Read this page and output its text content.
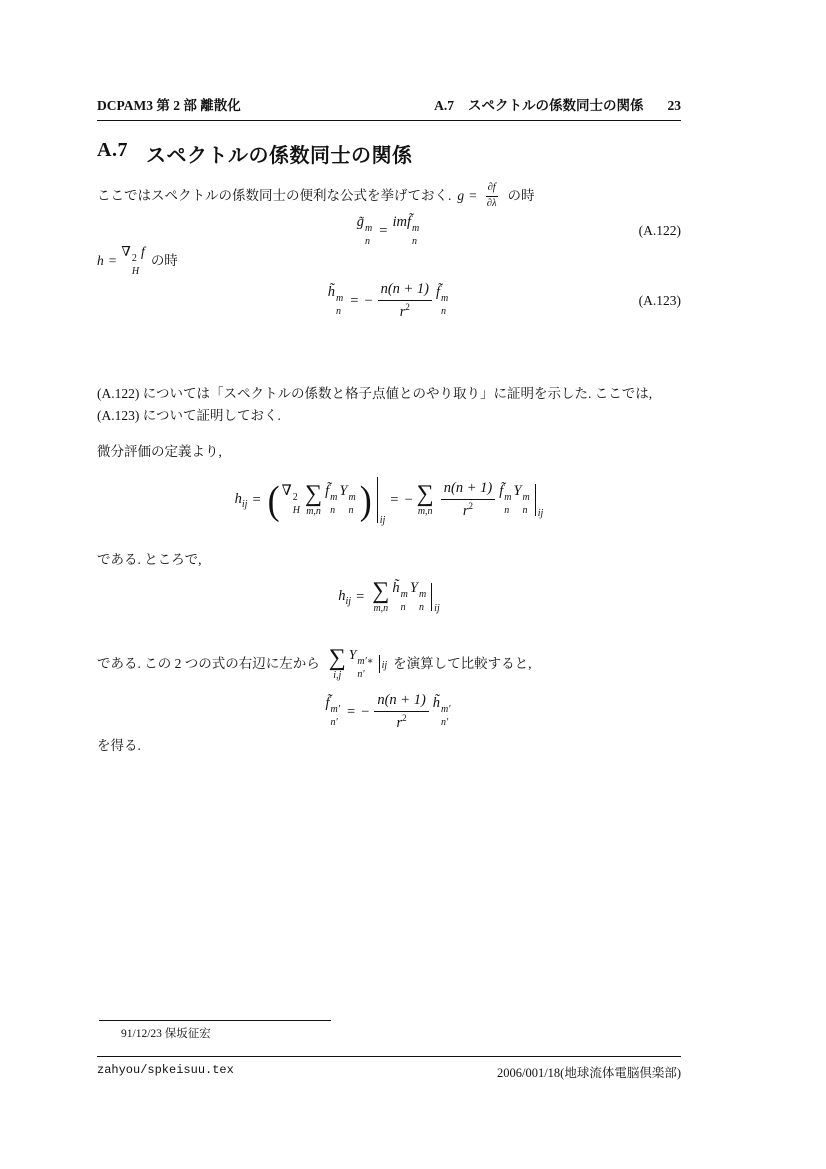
DCPAM3 第 2 部 離散化	A.7 スペクトルの係数同士の関係 23
A.7 スペクトルの係数同士の関係
ここではスペクトルの係数同士の便利な公式を挙げておく. $g = \frac{\partial f}{\partial\lambda}$ の時
g̃ m
n
=
imf̃ m
n
(A.122)
h =
∇ 2
H
f
の時
h̃ m
n
= − $\frac{n(n + 1)}{r^2}$ f̃ m
n
(A.123)
(A.122) については「スペクトルの係数と格子点値とのやり取り」に証明を示した. ここでは,
(A.123) について証明しておく.
微分評価の定義より,
$h_{ij}$ = ( ∇ 2
H
∑
m,n
f̃ m
n
Y m
n ) ij
= − ∑
$m,n \frac{n(n + 1)}{r^2}$ f̃ m
n
Y m
n ij
である. ところで,
$h_{ij}$ = ∑
m,n
h̃ m
n
Y m
n ij
である. この 2 つの式の右辺に左から ∑
i,j
Y m′∗
n′
ij を演算して比較すると,
f̃ m′
n′
= − $\frac{n(n + 1)}{r^2}$ h̃ m′
n′
を得る.
91/12/23 保坂征宏
zahyou/spkeisuu.tex	2006/001/18(地球流体電脳倶楽部)
